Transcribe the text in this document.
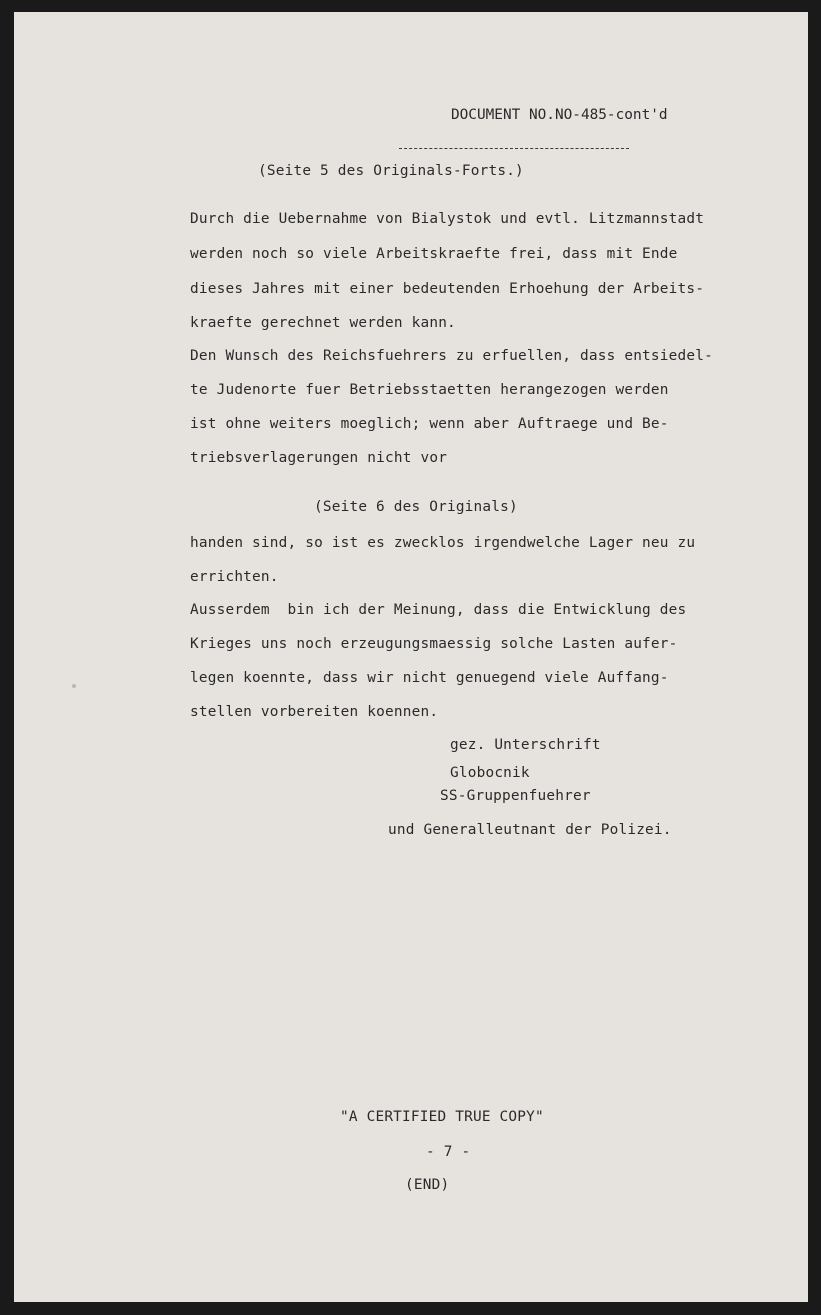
DOCUMENT NO.NO-485-cont'd

(Seite 5 des Originals-Forts.)
Durch die Uebernahme von Bialystok und evtl. Litzmannstadt
werden noch so viele Arbeitskraefte frei, dass mit Ende
dieses Jahres mit einer bedeutenden Erhoehung der Arbeits-
kraefte gerechnet werden kann.
Den Wunsch des Reichsfuehrers zu erfuellen, dass entsiedel-
te Judenorte fuer Betriebsstaetten herangezogen werden
ist ohne weiters moeglich; wenn aber Auftraege und Be-
triebsverlagerungen nicht vor
(Seite 6 des Originals)
handen sind, so ist es zwecklos irgendwelche Lager neu zu
errichten.
Ausserdem  bin ich der Meinung, dass die Entwicklung des
Krieges uns noch erzeugungsmaessig solche Lasten aufer-
legen koennte, dass wir nicht genuegend viele Auffang-
stellen vorbereiten koennen.
gez. Unterschrift
Globocnik
SS-Gruppenfuehrer
und Generalleutnant der Polizei.
"A CERTIFIED TRUE COPY"
- 7 -
(END)
